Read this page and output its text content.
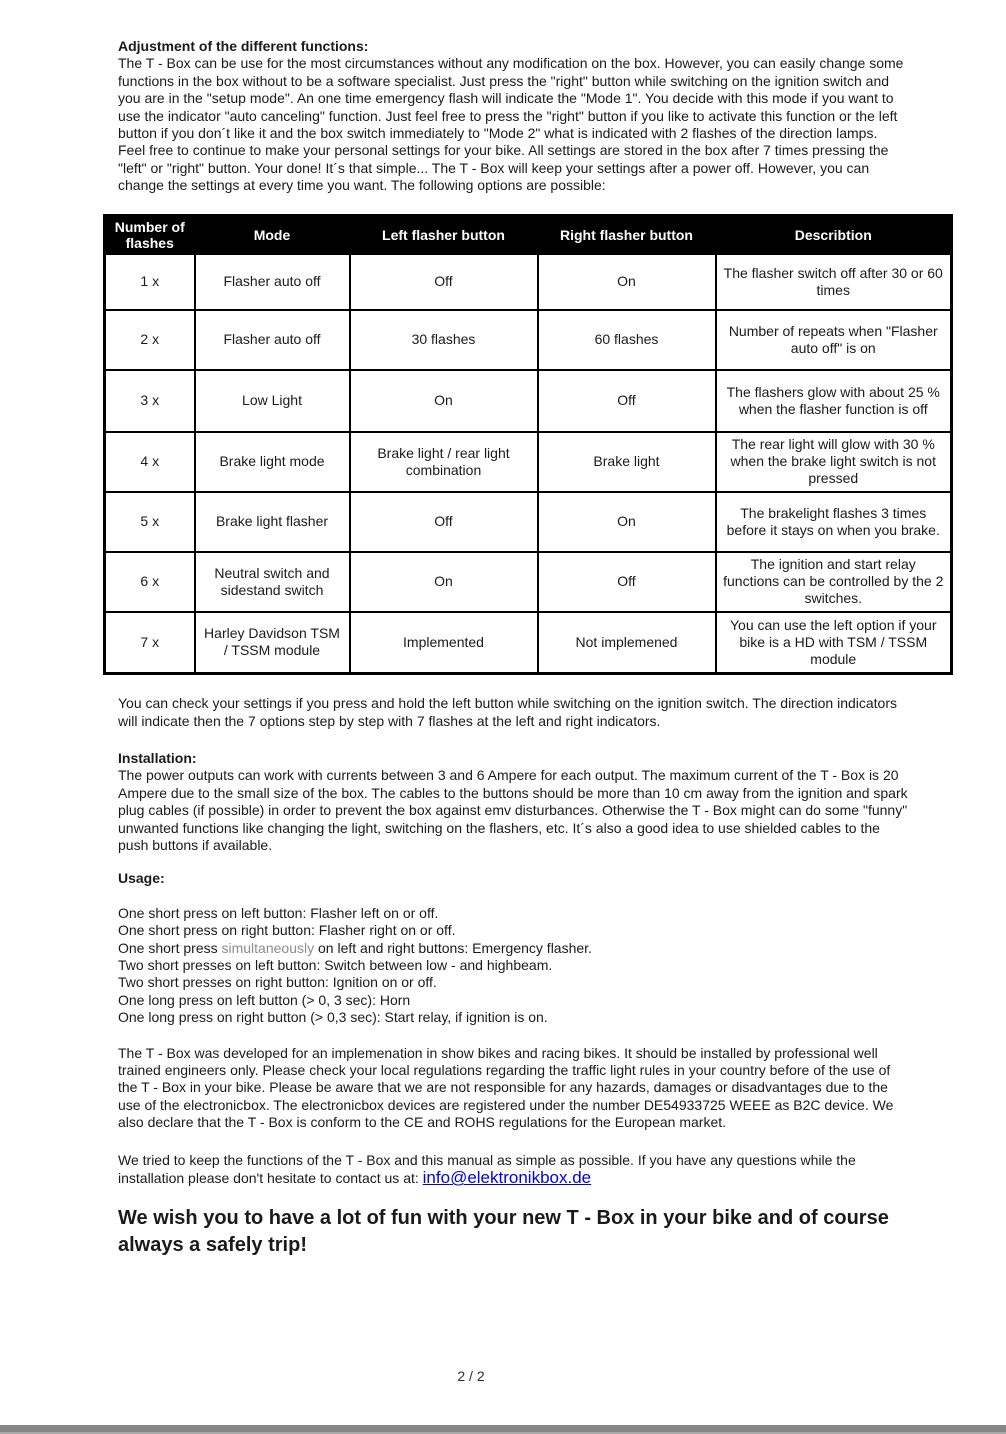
Adjustment of the different functions:

The T - Box can be use for the most circumstances without any modification on the box. However, you can easily change some functions in the box without to be a software specialist. Just press the "right" button while switching on the ignition switch and you are in the "setup mode". An one time emergency flash will indicate the "Mode 1". You decide with this mode if you want to use the indicator "auto canceling" function. Just feel free to press the "right" button if you like to activate this function or the left button if you don´t like it and the box switch immediately to "Mode 2" what is indicated with 2 flashes of the direction lamps. Feel free to continue to make your personal settings for your bike. All settings are stored in the box after 7 times pressing the "left" or "right" button. Your done! It´s that simple... The T - Box will keep your settings after a power off. However, you can change the settings at every time you want. The following options are possible:

Number of flashes	Mode	Left flasher button	Right flasher button	Describtion
1 x	Flasher auto off	Off	On	The flasher switch off after 30 or 60 times
2 x	Flasher auto off	30 flashes	60 flashes	Number of repeats when "Flasher auto off" is on
3 x	Low Light	On	Off	The flashers glow with about 25 % when the flasher function is off
4 x	Brake light mode	Brake light / rear light combination	Brake light	The rear light will glow with 30 % when the brake light switch is not pressed
5 x	Brake light flasher	Off	On	The brakelight flashes 3 times before it stays on when you brake.
6 x	Neutral switch and sidestand switch	On	Off	The ignition and start relay functions can be controlled by the 2 switches.
7 x	Harley Davidson TSM / TSSM module	Implemented	Not implemened	You can use the left option if your bike is a HD with TSM / TSSM module

You can check your settings if you press and hold the left button while switching on the ignition switch. The direction indicators will indicate then the 7 options step by step with 7 flashes at the left and right indicators.

Installation:

The power outputs can work with currents between 3 and 6 Ampere for each output. The maximum current of the T - Box is 20 Ampere due to the small size of the box. The cables to the buttons should be more than 10 cm away from the ignition and spark plug cables (if possible) in order to prevent the box against emv disturbances. Otherwise the T - Box might can do some "funny" unwanted functions like changing the light, switching on the flashers, etc. It´s also a good idea to use shielded cables to the push buttons if available.

Usage:
One short press on left button: Flasher left on or off.
One short press on right button: Flasher right on or off.
One short press simultaneously on left and right buttons: Emergency flasher.
Two short presses on left button: Switch between low - and highbeam.
Two short presses on right button: Ignition on or off.
One long press on left button (> 0, 3 sec): Horn
One long press on right button (> 0,3 sec): Start relay, if ignition is on.

The T - Box was developed for an implemenation in show bikes and racing bikes. It should be installed by professional well trained engineers only. Please check your local regulations regarding the traffic light rules in your country before of the use of the T - Box in your bike. Please be aware that we are not responsible for any hazards, damages or disadvantages due to the use of the electronicbox. The electronicbox devices are registered under the number DE54933725 WEEE as B2C device. We also declare that the T - Box is conform to the CE and ROHS regulations for the European market.

We tried to keep the functions of the T - Box and this manual as simple as possible. If you have any questions while the installation please don't hesitate to contact us at: info@elektronikbox.de

We wish you to have a lot of fun with your new T - Box in your bike and of course always a safely trip!
2 / 2
